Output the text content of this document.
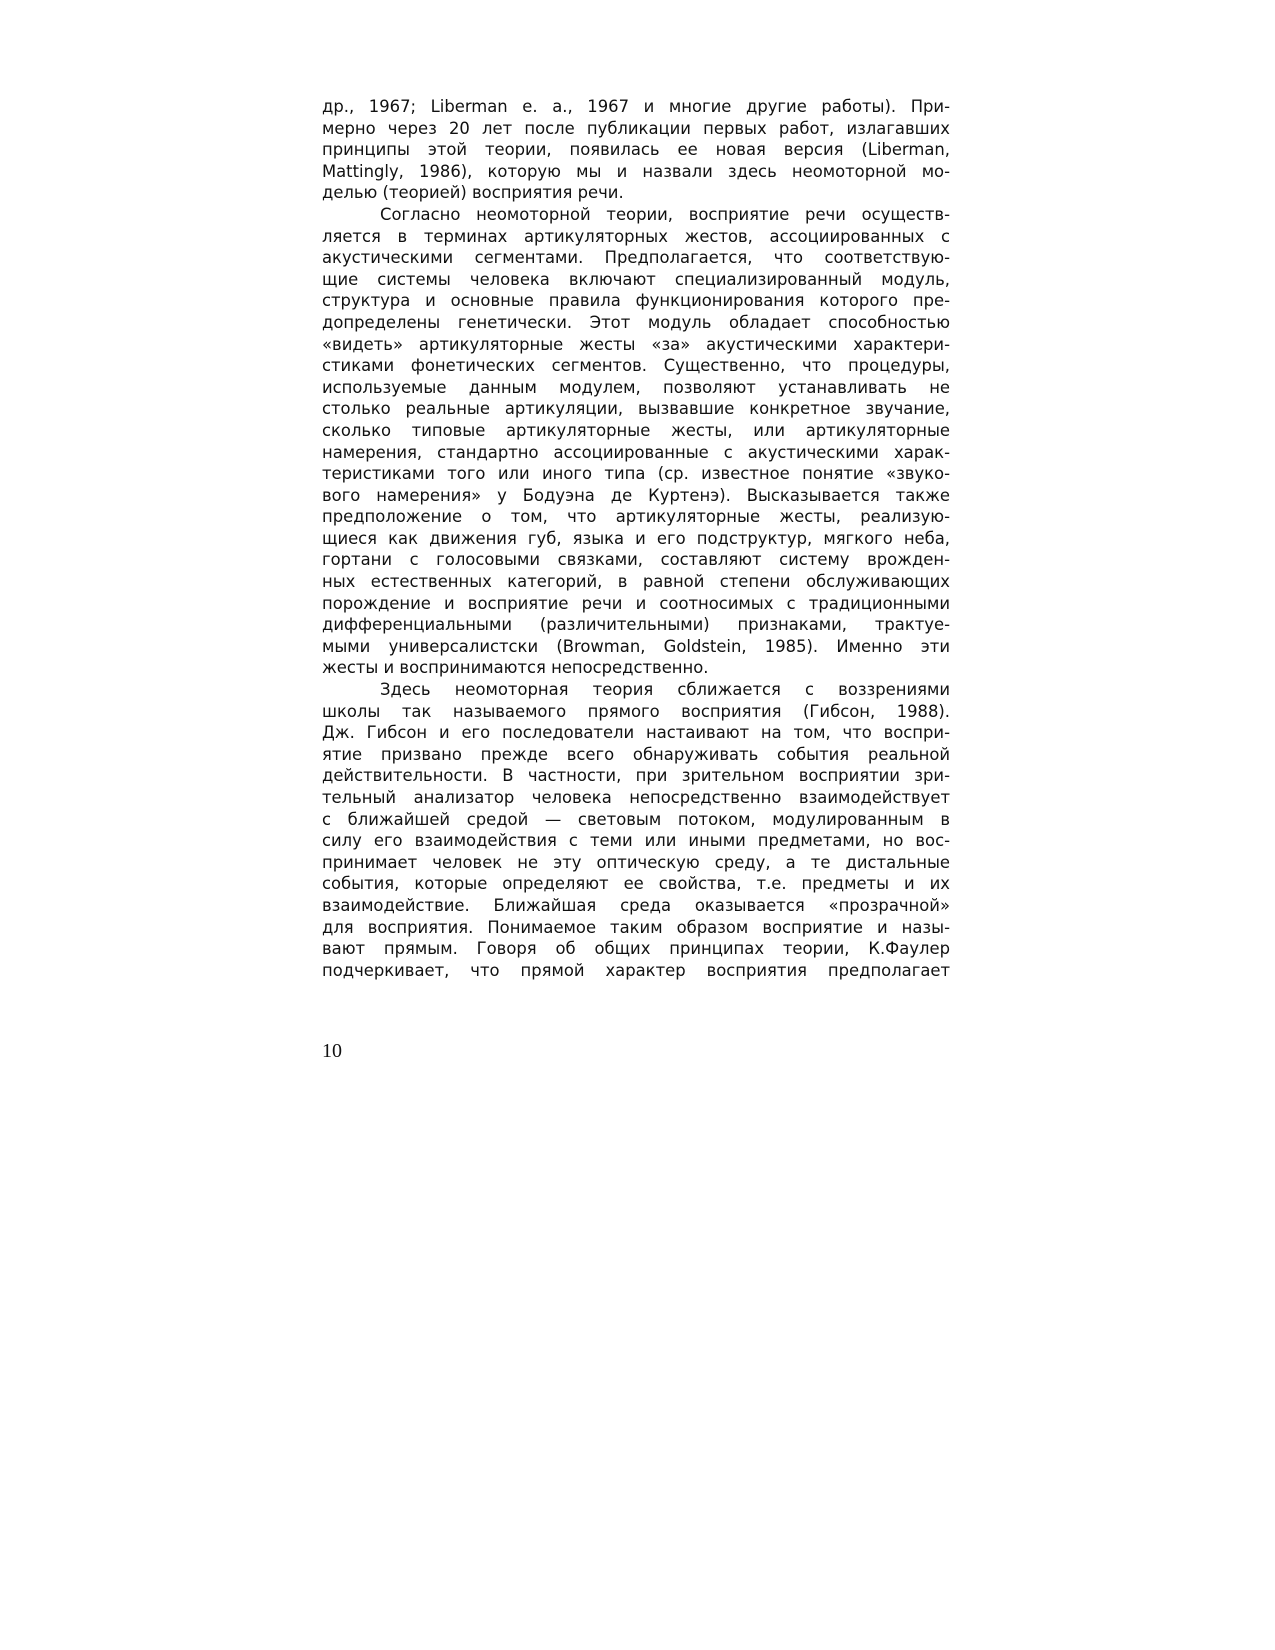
др., 1967; Liberman e. a., 1967 и многие другие работы). При-
мерно через 20 лет после публикации первых работ, излагавших
принципы этой теории, появилась ее новая версия (Liberman,
Mattingly, 1986), которую мы и назвали здесь неомоторной мо-
делью (теорией) восприятия речи.
Согласно неомоторной теории, восприятие речи осуществ-
ляется в терминах артикуляторных жестов, ассоциированных с
акустическими сегментами. Предполагается, что соответствую-
щие системы человека включают специализированный модуль,
структура и основные правила функционирования которого пре-
допределены генетически. Этот модуль обладает способностью
«видеть» артикуляторные жесты «за» акустическими характери-
стиками фонетических сегментов. Существенно, что процедуры,
используемые данным модулем, позволяют устанавливать не
столько реальные артикуляции, вызвавшие конкретное звучание,
сколько типовые артикуляторные жесты, или артикуляторные
намерения, стандартно ассоциированные с акустическими харак-
теристиками того или иного типа (ср. известное понятие «звуко-
вого намерения» у Бодуэна де Куртенэ). Высказывается также
предположение о том, что артикуляторные жесты, реализую-
щиеся как движения губ, языка и его подструктур, мягкого неба,
гортани с голосовыми связками, составляют систему врожден-
ных естественных категорий, в равной степени обслуживающих
порождение и восприятие речи и соотносимых с традиционными
дифференциальными (различительными) признаками, трактуе-
мыми универсалистски (Browman, Goldstein, 1985). Именно эти
жесты и воспринимаются непосредственно.
Здесь неомоторная теория сближается с воззрениями
школы так называемого прямого восприятия (Гибсон, 1988).
Дж. Гибсон и его последователи настаивают на том, что воспри-
ятие призвано прежде всего обнаруживать события реальной
действительности. В частности, при зрительном восприятии зри-
тельный анализатор человека непосредственно взаимодействует
с ближайшей средой — световым потоком, модулированным в
силу его взаимодействия с теми или иными предметами, но вос-
принимает человек не эту оптическую среду, а те дистальные
события, которые определяют ее свойства, т.е. предметы и их
взаимодействие. Ближайшая среда оказывается «прозрачной»
для восприятия. Понимаемое таким образом восприятие и назы-
вают прямым. Говоря об общих принципах теории, К.Фаулер
подчеркивает, что прямой характер восприятия предполагает
10
